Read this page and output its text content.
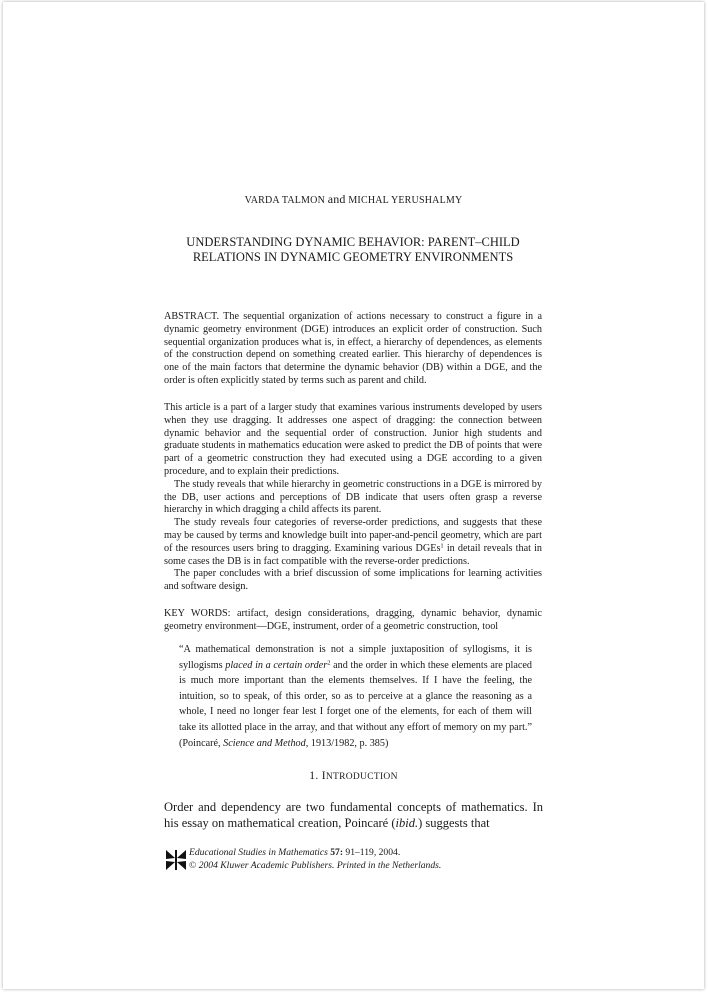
VARDA TALMON and MICHAL YERUSHALMY
UNDERSTANDING DYNAMIC BEHAVIOR: PARENT–CHILD
RELATIONS IN DYNAMIC GEOMETRY ENVIRONMENTS
ABSTRACT. The sequential organization of actions necessary to construct a figure in a dynamic geometry environment (DGE) introduces an explicit order of construction. Such sequential organization produces what is, in effect, a hierarchy of dependences, as elements of the construction depend on something created earlier. This hierarchy of dependences is one of the main factors that determine the dynamic behavior (DB) within a DGE, and the order is often explicitly stated by terms such as parent and child.

This article is a part of a larger study that examines various instruments developed by users when they use dragging. It addresses one aspect of dragging: the connection between dynamic behavior and the sequential order of construction. Junior high students and graduate students in mathematics education were asked to predict the DB of points that were part of a geometric construction they had executed using a DGE according to a given procedure, and to explain their predictions.

The study reveals that while hierarchy in geometric constructions in a DGE is mirrored by the DB, user actions and perceptions of DB indicate that users often grasp a reverse hierarchy in which dragging a child affects its parent.

The study reveals four categories of reverse-order predictions, and suggests that these may be caused by terms and knowledge built into paper-and-pencil geometry, which are part of the resources users bring to dragging. Examining various DGEs$^1$ in detail reveals that in some cases the DB is in fact compatible with the reverse-order predictions.

The paper concludes with a brief discussion of some implications for learning activities and software design.

KEY WORDS: artifact, design considerations, dragging, dynamic behavior, dynamic geometry environment—DGE, instrument, order of a geometric construction, tool
“A mathematical demonstration is not a simple juxtaposition of syllogisms, it is syllogisms placed in a certain order$^2$ and the order in which these elements are placed is much more important than the elements themselves. If I have the feeling, the intuition, so to speak, of this order, so as to perceive at a glance the reasoning as a whole, I need no longer fear lest I forget one of the elements, for each of them will take its allotted place in the array, and that without any effort of memory on my part.” (Poincaré, Science and Method, 1913/1982, p. 385)
1. INTRODUCTION
Order and dependency are two fundamental concepts of mathematics. In his essay on mathematical creation, Poincaré (ibid.) suggests that
Educational Studies in Mathematics 57: 91–119, 2004.
© 2004 Kluwer Academic Publishers. Printed in the Netherlands.
